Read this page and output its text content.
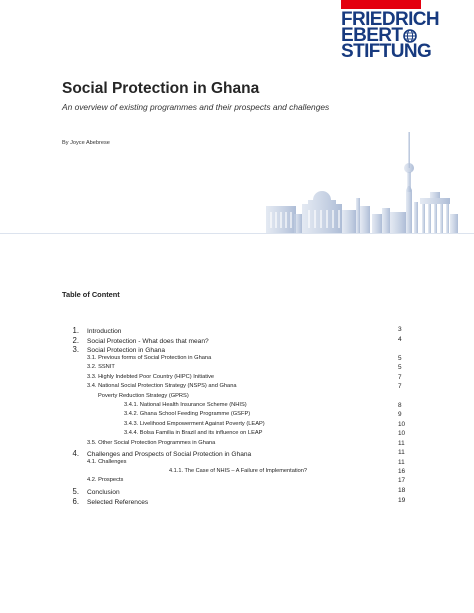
FRIEDRICH
EBERT
STIFTUNG
Social Protection in Ghana
An overview of existing programmes and their prospects and challenges
By Joyce Abebrese
Table of Content
1. Introduction	3
2. Social Protection - What does that mean?	4
3. Social Protection in Ghana
3.1. Previous forms of Social Protection in Ghana	5
3.2. SSNIT	5
3.3. Highly Indebted Poor Country (HIPC) Initiative	7
3.4. National Social Protection Strategy (NSPS) and Ghana	7
Poverty Reduction Strategy (GPRS)
3.4.1. National Health Insurance Scheme (NHIS)	8
3.4.2. Ghana School Feeding Programme (GSFP)	9
3.4.3. Livelihood Empowerment Against Poverty (LEAP)	10
3.4.4. Bolsa Familia in Brazil and its influence on LEAP	10
3.5. Other Social Protection Programmes in Ghana	11
4. Challenges and Prospects of Social Protection in Ghana	11
4.1. Challenges	11
4.1.1. The Case of NHIS – A Failure of Implementation?	16
4.2. Prospects	17
5. Conclusion	18
6. Selected References	19
